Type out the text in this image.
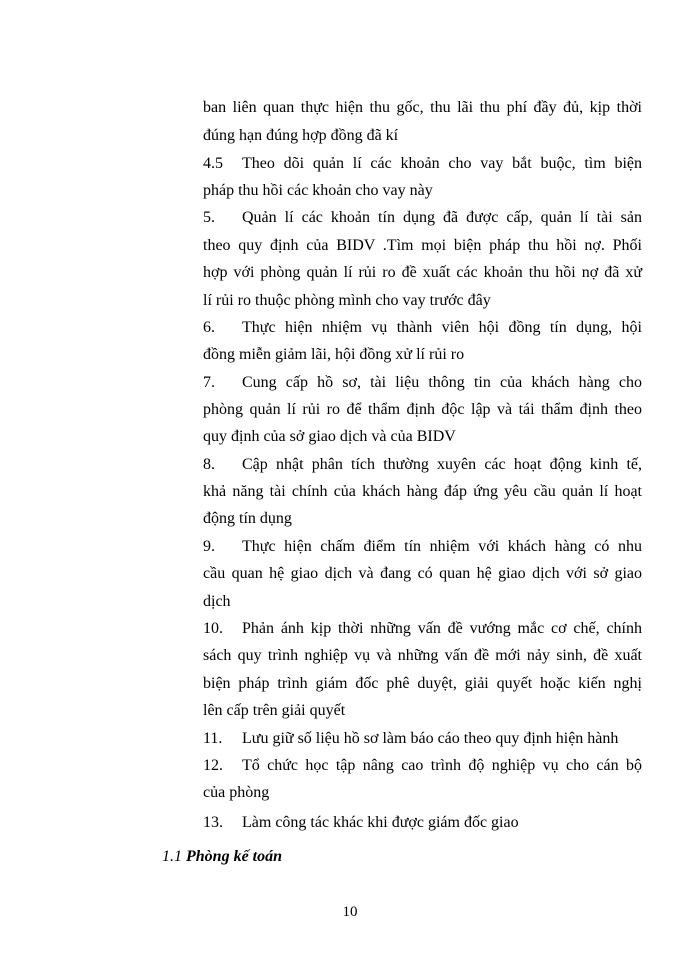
ban liên quan thực hiện thu gốc, thu lãi thu phí đầy đủ, kịp thời
đúng hạn đúng hợp đồng đã kí
4.5 Theo dõi quản lí các khoản cho vay bắt buộc, tìm biện
pháp thu hồi các khoản cho vay này
5. Quản lí các khoản tín dụng đã được cấp, quản lí tài sản
theo quy định của BIDV .Tìm mọi biện pháp thu hồi nợ. Phối
hợp với phòng quản lí rủi ro đề xuất các khoản thu hồi nợ đã xử
lí rủi ro thuộc phòng mình cho vay trước đây
6. Thực hiện nhiệm vụ thành viên hội đồng tín dụng, hội
đồng miễn giảm lãi, hội đồng xử lí rủi ro
7. Cung cấp hồ sơ, tài liệu thông tin của khách hàng cho
phòng quản lí rủi ro để thẩm định độc lập và tái thẩm định theo
quy định của sở giao dịch và của BIDV
8. Cập nhật phân tích thường xuyên các hoạt động kinh tế,
khả năng tài chính của khách hàng đáp ứng yêu cầu quản lí hoạt
động tín dụng
9. Thực hiện chấm điểm tín nhiệm với khách hàng có nhu
cầu quan hệ giao dịch và đang có quan hệ giao dịch với sở giao
dịch
10. Phản ánh kịp thời những vấn đề vướng mắc cơ chế, chính
sách quy trình nghiệp vụ và những vấn đề mới nảy sinh, đề xuất
biện pháp trình giám đốc phê duyệt, giải quyết hoặc kiến nghị
lên cấp trên giải quyết
11. Lưu giữ số liệu hồ sơ làm báo cáo theo quy định hiện hành
12. Tổ chức học tập nâng cao trình độ nghiệp vụ cho cán bộ
của phòng
13. Làm công tác khác khi được giám đốc giao
1.1 Phòng kế toán
10
